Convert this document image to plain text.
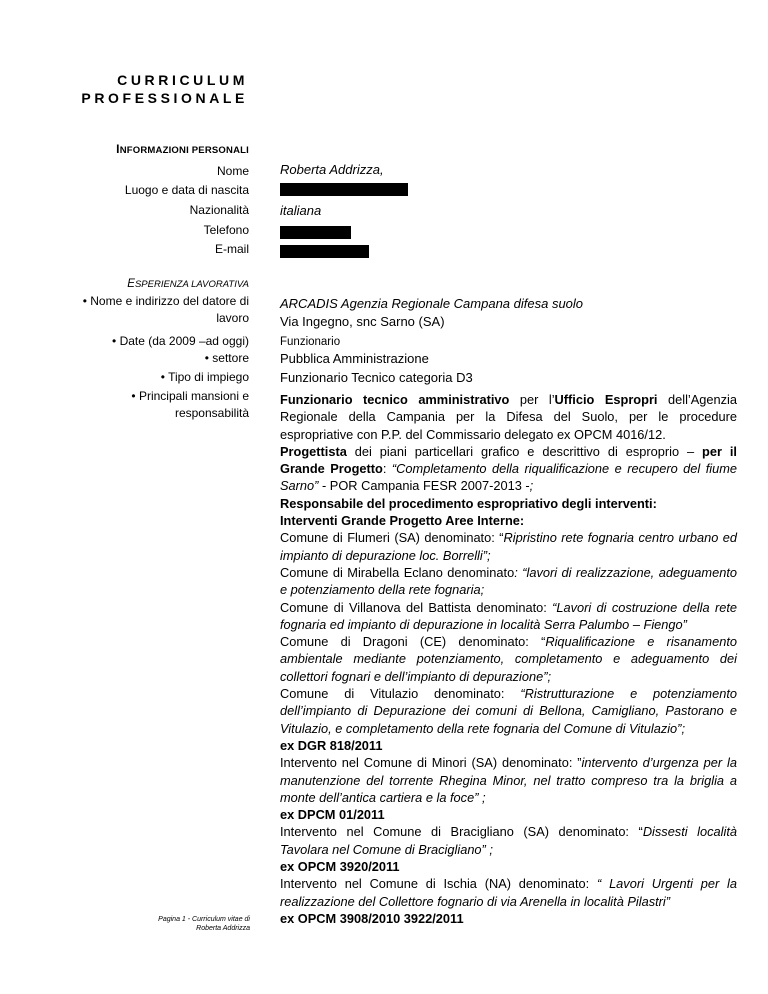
CURRICULUM
PROFESSIONALE
INFORMAZIONI PERSONALI
Nome Roberta Addrizza,
Luogo e data di nascita
Nazionalità italiana
Telefono
E-mail
ESPERIENZA LAVORATIVA
• Nome e indirizzo del datore di lavoro
ARCADIS Agenzia Regionale Campana difesa suolo
Via Ingegno, snc Sarno (SA)
• Date (da 2009 –ad oggi)	Funzionario
• settore Pubblica Amministrazione
• Tipo di impiego Funzionario Tecnico categoria D3
• Principali mansioni e responsabilità

Funzionario tecnico amministrativo per l’Ufficio Espropri dell’Agenzia Regionale della Campania per la Difesa del Suolo, per le procedure espropriative con P.P. del Commissario delegato ex OPCM 4016/12.

Progettista dei piani particellari grafico e descrittivo di esproprio – per il Grande Progetto: “Completamento della riqualificazione e recupero del fiume Sarno” - POR Campania FESR 2007-2013 -;

Responsabile del procedimento espropriativo degli interventi:

Interventi Grande Progetto Aree Interne:

Comune di Flumeri (SA) denominato: “Ripristino rete fognaria centro urbano ed impianto di depurazione loc. Borrelli”;

Comune di Mirabella Eclano denominato: “lavori di realizzazione, adeguamento e potenziamento della rete fognaria;

Comune di Villanova del Battista denominato: “Lavori di costruzione della rete fognaria ed impianto di depurazione in località Serra Palumbo – Fiengo”

Comune di Dragoni (CE) denominato: “Riqualificazione e risanamento ambientale mediante potenziamento, completamento e adeguamento dei collettori fognari e dell’impianto di depurazione”;

Comune di Vitulazio denominato: “Ristrutturazione e potenziamento dell’impianto di Depurazione dei comuni di Bellona, Camigliano, Pastorano e Vitulazio, e completamento della rete fognaria del Comune di Vitulazio”;

ex DGR 818/2011

Intervento nel Comune di Minori (SA) denominato: ”intervento d’urgenza per la manutenzione del torrente Rhegina Minor, nel tratto compreso tra la briglia a monte dell’antica cartiera e la foce” ;

ex DPCM 01/2011

Intervento nel Comune di Bracigliano (SA) denominato: “Dissesti località Tavolara nel Comune di Bracigliano” ;

ex OPCM 3920/2011

Intervento nel Comune di Ischia (NA) denominato: “ Lavori Urgenti per la realizzazione del Collettore fognario di via Arenella in località Pilastri”

ex OPCM 3908/2010 3922/2011

Pagina 1 - Curriculum vitae di
Roberta Addrizza
